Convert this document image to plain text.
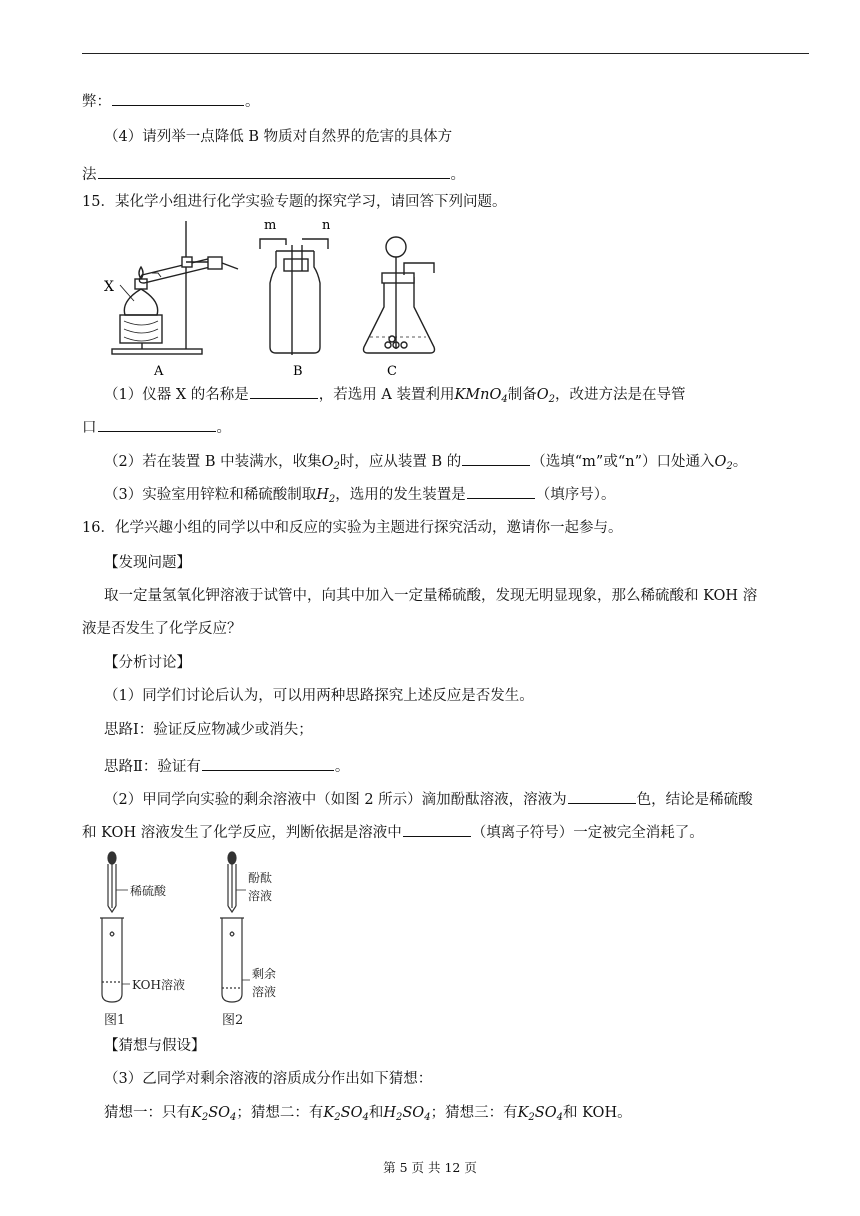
弊：	。
（4）请列举一点降低 B 物质对自然界的危害的具体方
法	。
15．某化学小组进行化学实验专题的探究学习，请回答下列问题。
X
A	B	C
m	n
（1）仪器 X 的名称是	，若选用 A 装置利用KMnO$_4$制备$O_2$，改进方法是在导管
口	。
（2）若在装置 B 中装满水，收集$O_2$时，应从装置 B 的	（选填“m”或“n”）口处通入$O_2$。
（3）实验室用锌粒和稀硫酸制取$H_2$，选用的发生装置是	（填序号）。
16．化学兴趣小组的同学以中和反应的实验为主题进行探究活动，邀请你一起参与。
【发现问题】
取一定量氢氧化钾溶液于试管中，向其中加入一定量稀硫酸，发现无明显现象，那么稀硫酸和 KOH 溶
液是否发生了化学反应？
【分析讨论】
（1）同学们讨论后认为，可以用两种思路探究上述反应是否发生。
思路Ⅰ：验证反应物减少或消失；
思路Ⅱ：验证有	。
（2）甲同学向实验的剩余溶液中（如图 2 所示）滴加酚酞溶液，溶液为	色，结论是稀硫酸
和 KOH 溶液发生了化学反应，判断依据是溶液中	（填离子符号）一定被完全消耗了。
稀硫酸
KOH溶液
酚酞
溶液
剩余
溶液
图1	图2
【猜想与假设】
（3）乙同学对剩余溶液的溶质成分作出如下猜想：
猜想一：只有$K_2SO_4$；猜想二：有$K_2SO_4$和$H_2SO_4$；猜想三：有$K_2SO_4$和 KOH。
第 5 页 共 12 页
